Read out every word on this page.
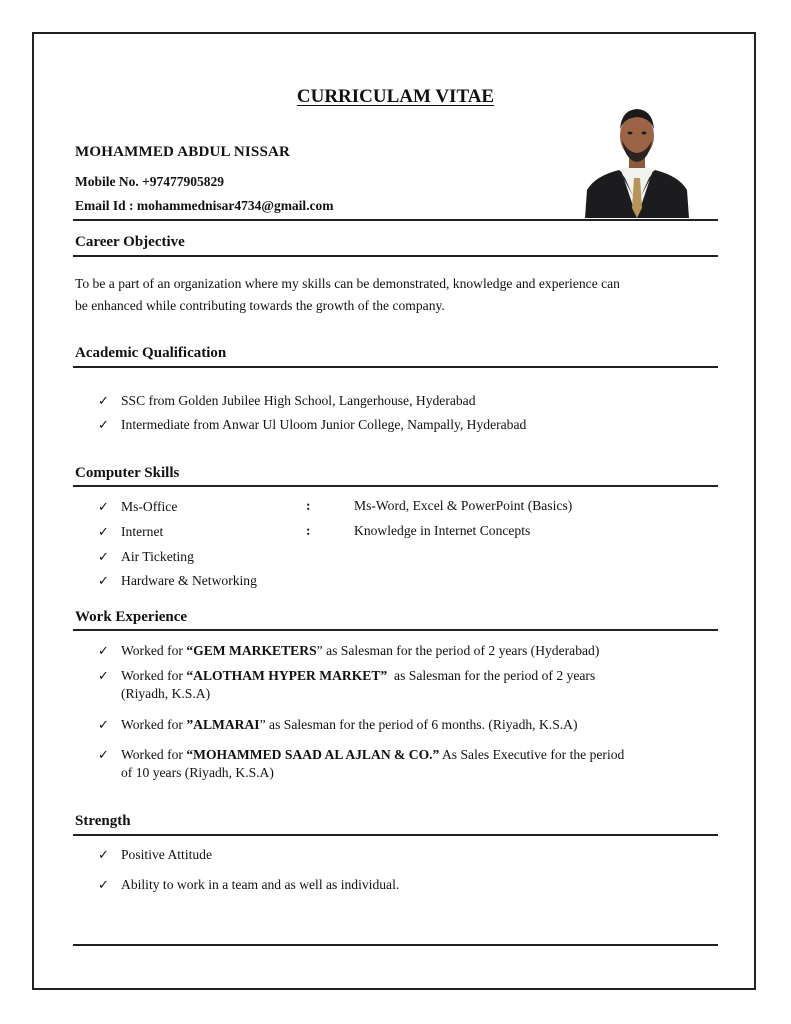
CURRICULAM VITAE
MOHAMMED ABDUL NISSAR
Mobile No. +97477905829
Email Id : mohammednisar4734@gmail.com
Career Objective
To be a part of an organization where my skills can be demonstrated, knowledge and experience can
be enhanced while contributing towards the growth of the company.
Academic Qualification
✓ SSC from Golden Jubilee High School, Langerhouse, Hyderabad
✓ Intermediate from Anwar Ul Uloom Junior College, Nampally, Hyderabad
Computer Skills
✓ Ms-Office	:	Ms-Word, Excel & PowerPoint (Basics)
✓ Internet	:	Knowledge in Internet Concepts
✓ Air Ticketing
✓ Hardware & Networking
Work Experience
✓ Worked for “GEM MARKETERS” as Salesman for the period of 2 years (Hyderabad)
✓ Worked for “ALOTHAM HYPER MARKET”  as Salesman for the period of 2 years
(Riyadh, K.S.A)
✓ Worked for ”ALMARAI” as Salesman for the period of 6 months. (Riyadh, K.S.A)
✓ Worked for “MOHAMMED SAAD AL AJLAN & CO.” As Sales Executive for the period
of 10 years (Riyadh, K.S.A)
Strength
✓ Positive Attitude
✓ Ability to work in a team and as well as individual.
